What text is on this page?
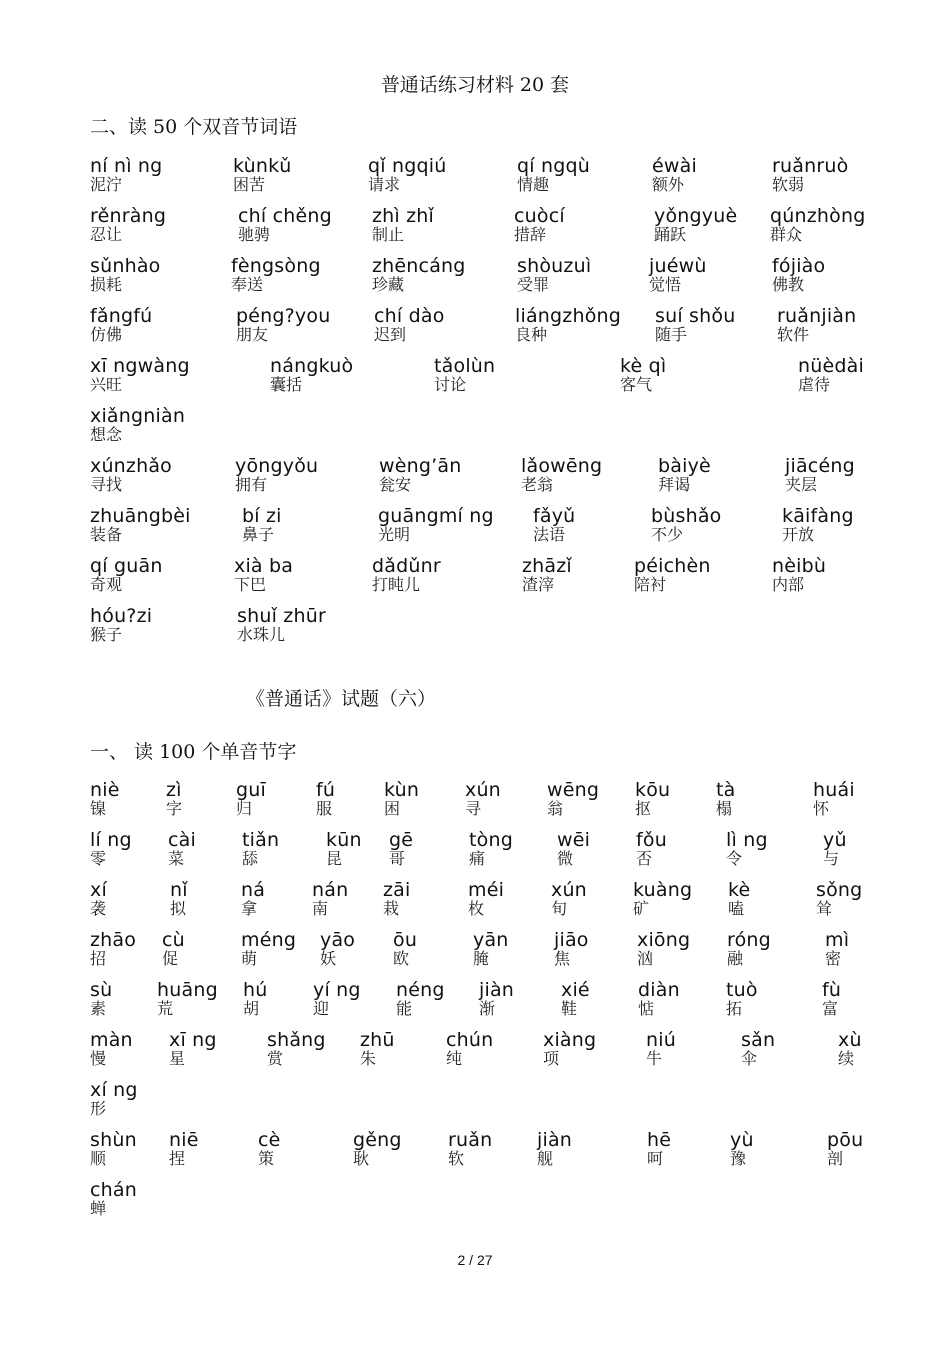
普通话练习材料 20 套
二、读 50 个双音节词语
ní nì ng
泥泞
kùnkǔ
困苦
qǐ ngqiú
请求
qí ngqù
情趣
éwài
额外
ruǎnruò
软弱
rěnràng
忍让
chí chěng
驰骋
zhì zhǐ
制止
cuòcí
措辞
yǒngyuè
踊跃
qúnzhòng
群众
sǔnhào
损耗
fèngsòng
奉送
zhēncáng
珍藏
shòuzuì
受罪
juéwù
觉悟
fójiào
佛教
fǎngfú
仿佛
péng?you
朋友
chí dào
迟到
liángzhǒng
良种
suí shǒu
随手
ruǎnjiàn
软件
xī ngwàng
兴旺
nángkuò
囊括
tǎolùn
讨论
kè qì
客气
nüèdài
虐待
xiǎngniàn
想念
xúnzhǎo
寻找
yōngyǒu
拥有
wèng’ān
瓮安
lǎowēng
老翁
bàiyè
拜谒
jiācéng
夹层
zhuāngbèi
装备
bí zi
鼻子
guāngmí ng
光明
fǎyǔ
法语
bùshǎo
不少
kāifàng
开放
qí guān
奇观
xià ba
下巴
dǎdǔnr
打盹儿
zhāzǐ
渣滓
péichèn
陪衬
nèibù
内部
hóu?zi
猴子
shuǐ zhūr
水珠儿
《普通话》试题（六）
一、 读 100 个单音节字
niè
镍
zì
字
guī
归
fú
服
kùn
困
xún
寻
wēng
翁
kōu
抠
tà
榻
huái
怀
lí ng
零
cài
菜
tiǎn
舔
kūn
昆
gē
哥
tòng
痛
wēi
微
fǒu
否
lì ng
令
yǔ
与
xí
袭
nǐ
拟
ná
拿
nán
南
zāi
栽
méi
枚
xún
旬
kuàng
矿
kè
嗑
sǒng
耸
zhāo
招
cù
促
méng
萌
yāo
妖
ōu
欧
yān
腌
jiāo
焦
xiōng
汹
róng
融
mì
密
sù
素
huāng
荒
hú
胡
yí ng
迎
néng
能
jiàn
渐
xié
鞋
diàn
惦
tuò
拓
fù
富
màn
慢
xī ng
星
shǎng
赏
zhū
朱
chún
纯
xiàng
项
niú
牛
sǎn
伞
xù
续
xí ng
形
shùn
顺
niē
捏
cè
策
gěng
耿
ruǎn
软
jiàn
舰
hē
呵
yù
豫
pōu
剖
chán
蝉
2 / 27
